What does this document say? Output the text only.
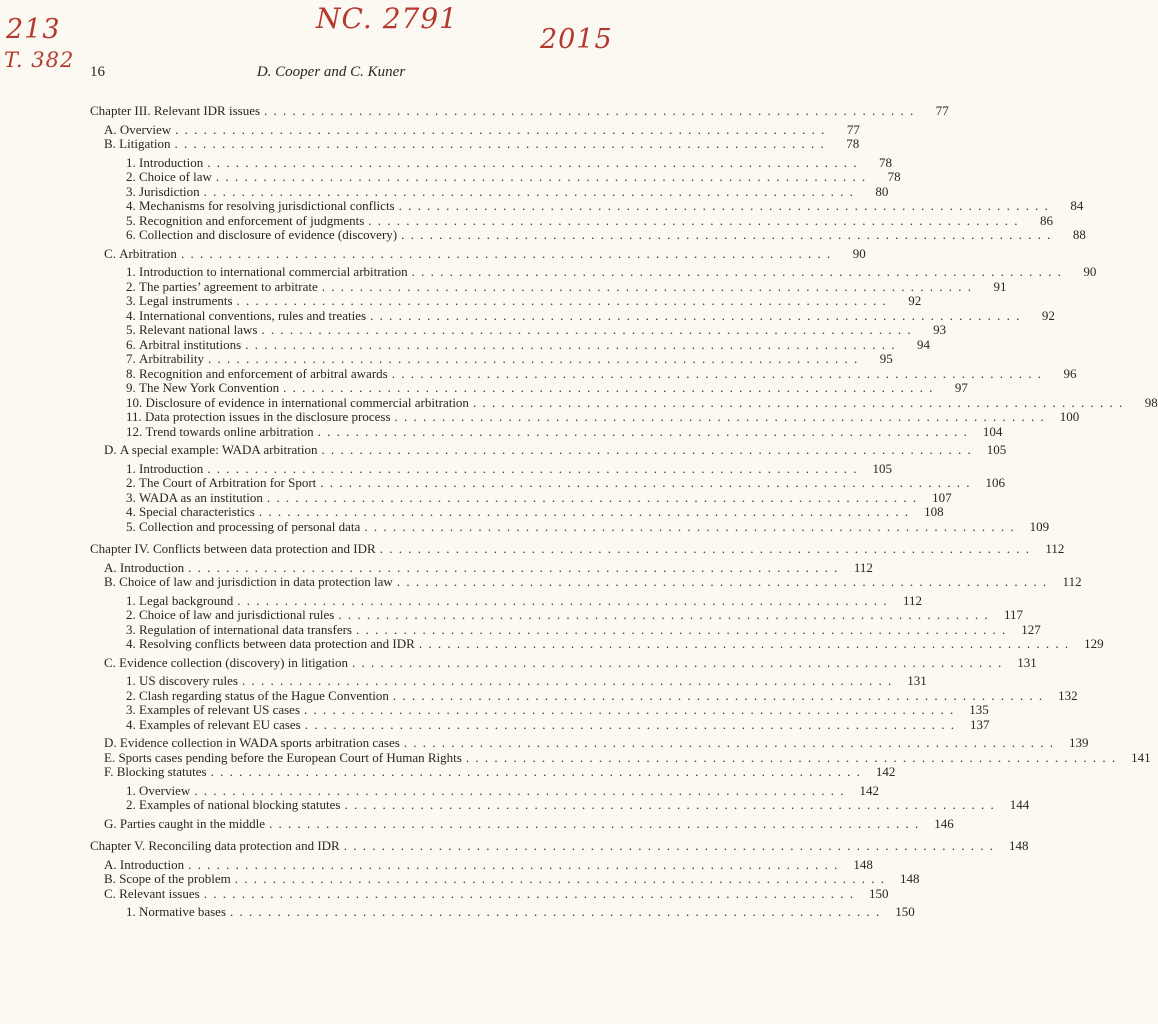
213
T. 382
NC. 2791
2015
16	D. Cooper and C. Kuner
Chapter III. Relevant IDR issues . . .	77
A. Overview . . .	77
B. Litigation . . .	78
1. Introduction . . .	78
2. Choice of law . . .	78
3. Jurisdiction . . .	80
4. Mechanisms for resolving jurisdictional conflicts . . .	84
5. Recognition and enforcement of judgments . . .	86
6. Collection and disclosure of evidence (discovery) . . .	88
C. Arbitration . . .	90
1. Introduction to international commercial arbitration . . .	90
2. The parties’ agreement to arbitrate . . .	91
3. Legal instruments . . .	92
4. International conventions, rules and treaties . . .	92
5. Relevant national laws . . .	93
6. Arbitral institutions . . .	94
7. Arbitrability . . .	95
8. Recognition and enforcement of arbitral awards . . .	96
9. The New York Convention . . .	97
10. Disclosure of evidence in international commercial arbitration . . .	98
11. Data protection issues in the disclosure process . . .	100
12. Trend towards online arbitration . . .	104
D. A special example: WADA arbitration . . .	105
1. Introduction . . .	105
2. The Court of Arbitration for Sport . . .	106
3. WADA as an institution . . .	107
4. Special characteristics . . .	108
5. Collection and processing of personal data . . .	109
Chapter IV. Conflicts between data protection and IDR . . .	112
A. Introduction . . .	112
B. Choice of law and jurisdiction in data protection law . . .	112
1. Legal background . . .	112
2. Choice of law and jurisdictional rules . . .	117
3. Regulation of international data transfers . . .	127
4. Resolving conflicts between data protection and IDR . . .	129
C. Evidence collection (discovery) in litigation . . .	131
1. US discovery rules . . .	131
2. Clash regarding status of the Hague Convention . . .	132
3. Examples of relevant US cases . . .	135
4. Examples of relevant EU cases . . .	137
D. Evidence collection in WADA sports arbitration cases . . .	139
E. Sports cases pending before the European Court of Human Rights . . .	141
F. Blocking statutes . . .	142
1. Overview . . .	142
2. Examples of national blocking statutes . . .	144
G. Parties caught in the middle . . .	146
Chapter V. Reconciling data protection and IDR . . .	148
A. Introduction . . .	148
B. Scope of the problem . . .	148
C. Relevant issues . . .	150
1. Normative bases . . .	150
